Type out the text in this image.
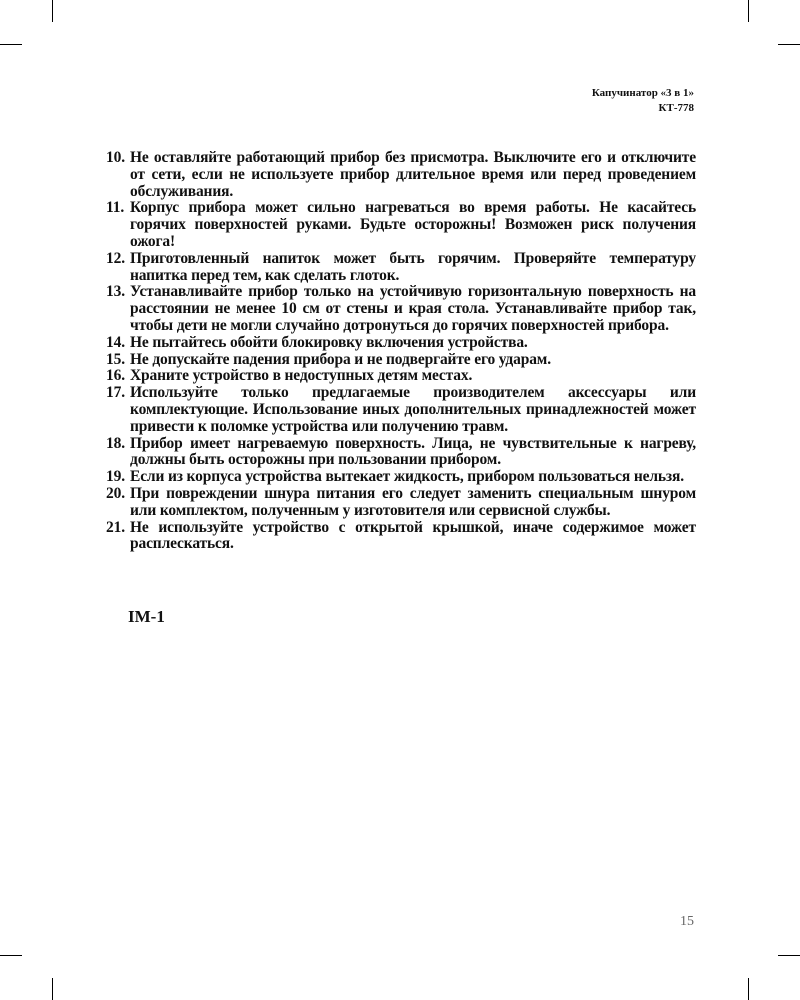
Капучинатор «3 в 1»
КТ-778
10. Не оставляйте работающий прибор без присмотра. Выключите его и отключите от сети, если не используете прибор длительное время или перед проведением обслуживания.
11. Корпус прибора может сильно нагреваться во время работы. Не касайтесь горячих поверхностей руками. Будьте осторожны! Возможен риск получения ожога!
12. Приготовленный напиток может быть горячим. Проверяйте температуру напитка перед тем, как сделать глоток.
13. Устанавливайте прибор только на устойчивую горизонтальную поверхность на расстоянии не менее 10 см от стены и края стола. Устанавливайте прибор так, чтобы дети не могли случайно дотронуться до горячих поверхностей прибора.
14. Не пытайтесь обойти блокировку включения устройства.
15. Не допускайте падения прибора и не подвергайте его ударам.
16. Храните устройство в недоступных детям местах.
17. Используйте только предлагаемые производителем аксессуары или комплектующие. Использование иных дополнительных принадлежностей может привести к поломке устройства или получению травм.
18. Прибор имеет нагреваемую поверхность. Лица, не чувствительные к нагреву, должны быть осторожны при пользовании прибором.
19. Если из корпуса устройства вытекает жидкость, прибором пользоваться нельзя.
20. При повреждении шнура питания его следует заменить специальным шнуром или комплектом, полученным у изготовителя или сервисной службы.
21. Не используйте устройство с открытой крышкой, иначе содержимое может расплескаться.
IM-1
15
